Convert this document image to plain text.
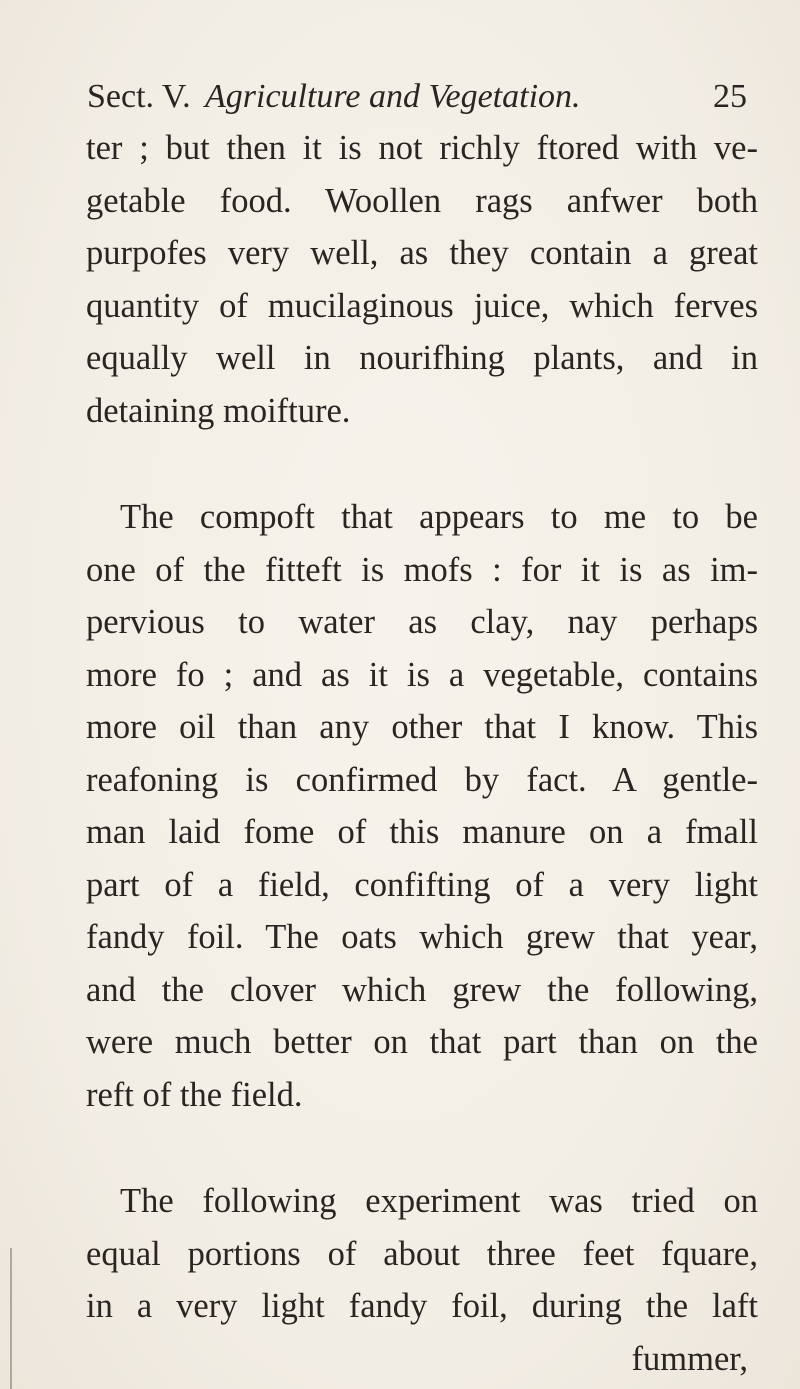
Sect. V. Agriculture and Vegetation.	25
ter ; but then it is not richly ftored with ve-
getable food. Woollen rags anfwer both
purpofes very well, as they contain a great
quantity of mucilaginous juice, which ferves
equally well in nourifhing plants, and in
detaining moifture.
The compoft that appears to me to be
one of the fitteft is mofs : for it is as im-
pervious to water as clay, nay perhaps
more fo ; and as it is a vegetable, contains
more oil than any other that I know. This
reafoning is confirmed by fact. A gentle-
man laid fome of this manure on a fmall
part of a field, confifting of a very light
fandy foil. The oats which grew that year,
and the clover which grew the following,
were much better on that part than on the
reft of the field.
The following experiment was tried on
equal portions of about three feet fquare,
in a very light fandy foil, during the laft
fummer,
